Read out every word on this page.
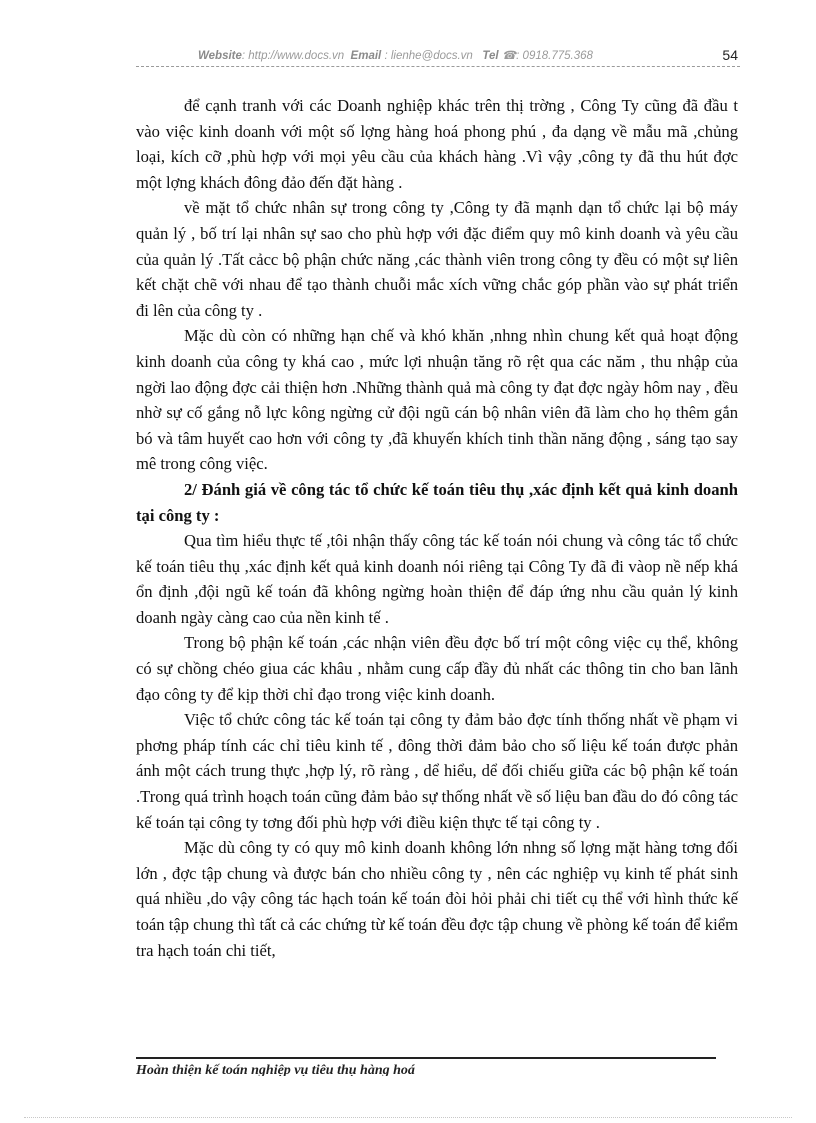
Website: http://www.docs.vn Email : lienhe@docs.vn Tel ☎: 0918.775.368	54

để cạnh tranh với các Doanh nghiệp khác trên thị trờng , Công Ty cũng đã đầu t vào việc kinh doanh với một số lợng hàng hoá phong phú , đa dạng về mẫu mã ,chủng loại, kích cỡ ,phù hợp với mọi yêu cầu của khách hàng .Vì vậy ,công ty đã thu hút đợc một lợng khách đông đảo đến đặt hàng .

về mặt tổ chức nhân sự trong công ty ,Công ty đã mạnh dạn tổ chức lại bộ máy quản lý , bố trí lại nhân sự sao cho phù hợp với đặc điểm quy mô kinh doanh và yêu cầu của quản lý .Tất cảcc bộ phận chức năng ,các thành viên trong công ty đều có một sự liên kết chặt chẽ với nhau để tạo thành chuỗi mắc xích vững chắc góp phần vào sự phát triển đi lên của công ty .

Mặc dù còn có những hạn chế và khó khăn ,nhng nhìn chung kết quả hoạt động kinh doanh của công ty khá cao , mức lợi nhuận tăng rõ rệt qua các năm , thu nhập của ngời lao động đợc cải thiện hơn .Những thành quả mà công ty đạt đợc ngày hôm nay , đều nhờ sự cố gắng nỗ lực kông ngừng cử đội ngũ cán bộ nhân viên đã làm cho họ thêm gắn bó và tâm huyết cao hơn với công ty ,đã khuyến khích tinh thần năng động , sáng tạo say mê trong công việc.

2/ Đánh giá về công tác tổ chức kế toán tiêu thụ ,xác định kết quả kinh doanh tại công ty :

Qua tìm hiểu thực tế ,tôi nhận thấy công tác kế toán nói chung và công tác tổ chức kế toán tiêu thụ ,xác định kết quả kinh doanh nói riêng tại Công Ty đã đi vàop nề nếp khá ổn định ,đội ngũ kế toán đã không ngừng hoàn thiện để đáp ứng nhu cầu quản lý kinh doanh ngày càng cao của nền kinh tế .

Trong bộ phận kế toán ,các nhận viên đều đợc bố trí một công việc cụ thể, không có sự chồng chéo giua các khâu , nhằm cung cấp đầy đủ nhất các thông tin cho ban lãnh đạo công ty để kịp thời chỉ đạo trong việc kinh doanh.

Việc tổ chức công tác kế toán tại công ty đảm bảo đợc tính thống nhất về phạm vi phơng pháp tính các chỉ tiêu kinh tế , đông thời đảm bảo cho số liệu kế toán được phản ánh một cách trung thực ,hợp lý, rõ ràng , dể hiểu, dể đối chiếu giữa các bộ phận kế toán .Trong quá trình hoạch toán cũng đảm bảo sự thống nhất về số liệu ban đầu do đó công tác kế toán tại công ty tơng đối phù hợp với điều kiện thực tế tại công ty .

Mặc dù công ty có quy mô kinh doanh không lớn nhng số lợng mặt hàng tơng đối lớn , đợc tập chung và được bán cho nhiều công ty , nên các nghiệp vụ kinh tế phát sinh quá nhiều ,do vậy công tác hạch toán kế toán đòi hỏi phải chi tiết cụ thể với hình thức kế toán tập chung thì tất cả các chứng từ kế toán đều đợc tập chung về phòng kế toán để kiểm tra hạch toán chi tiết,

Hoàn thiện kế toán nghiệp vụ tiêu thụ hàng hoá
